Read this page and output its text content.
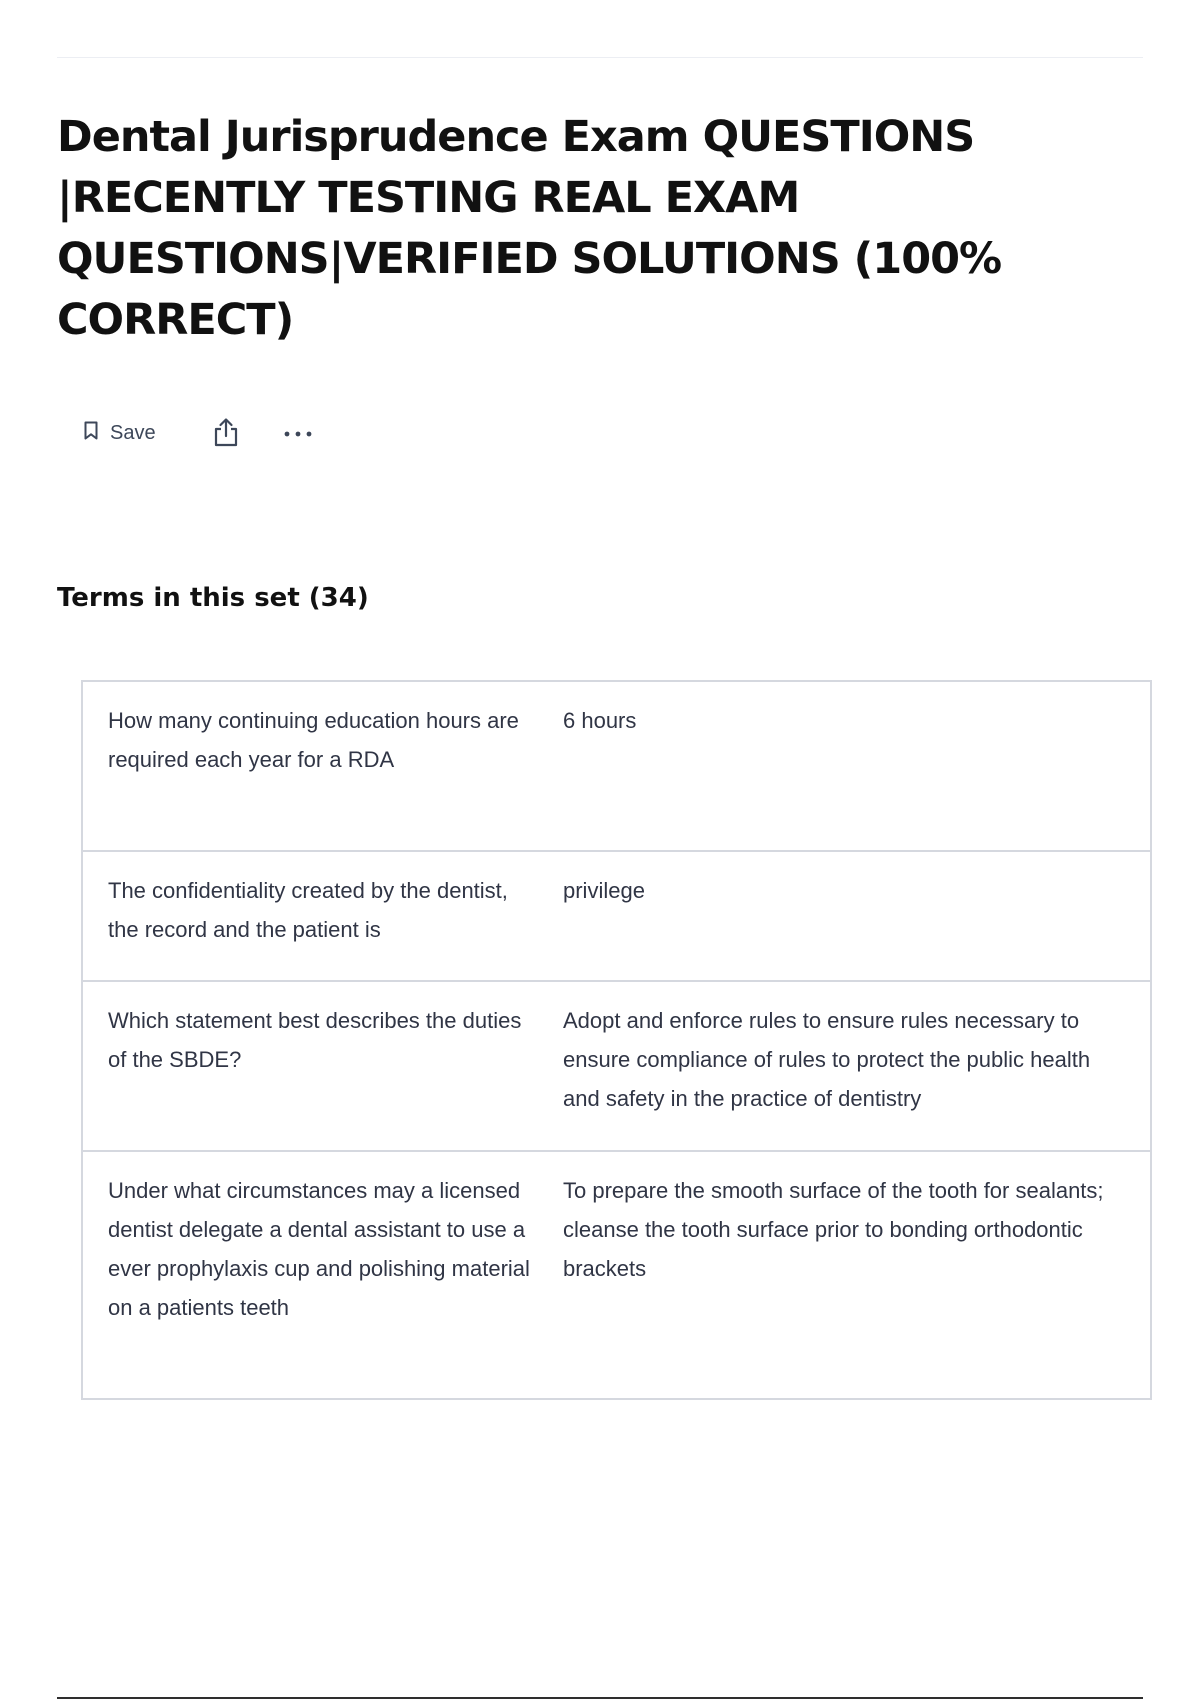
Dental Jurisprudence Exam QUESTIONS |RECENTLY TESTING REAL EXAM QUESTIONS|VERIFIED SOLUTIONS (100% CORRECT)
Save
Terms in this set (34)
How many continuing education hours are required each year for a RDA
6 hours
The confidentiality created by the dentist, the record and the patient is
privilege
Which statement best describes the duties of the SBDE?
Adopt and enforce rules to ensure rules necessary to ensure compliance of rules to protect the public health and safety in the practice of dentistry
Under what circumstances may a licensed dentist delegate a dental assistant to use a ever prophylaxis cup and polishing material on a patients teeth
To prepare the smooth surface of the tooth for sealants; cleanse the tooth surface prior to bonding orthodontic brackets
